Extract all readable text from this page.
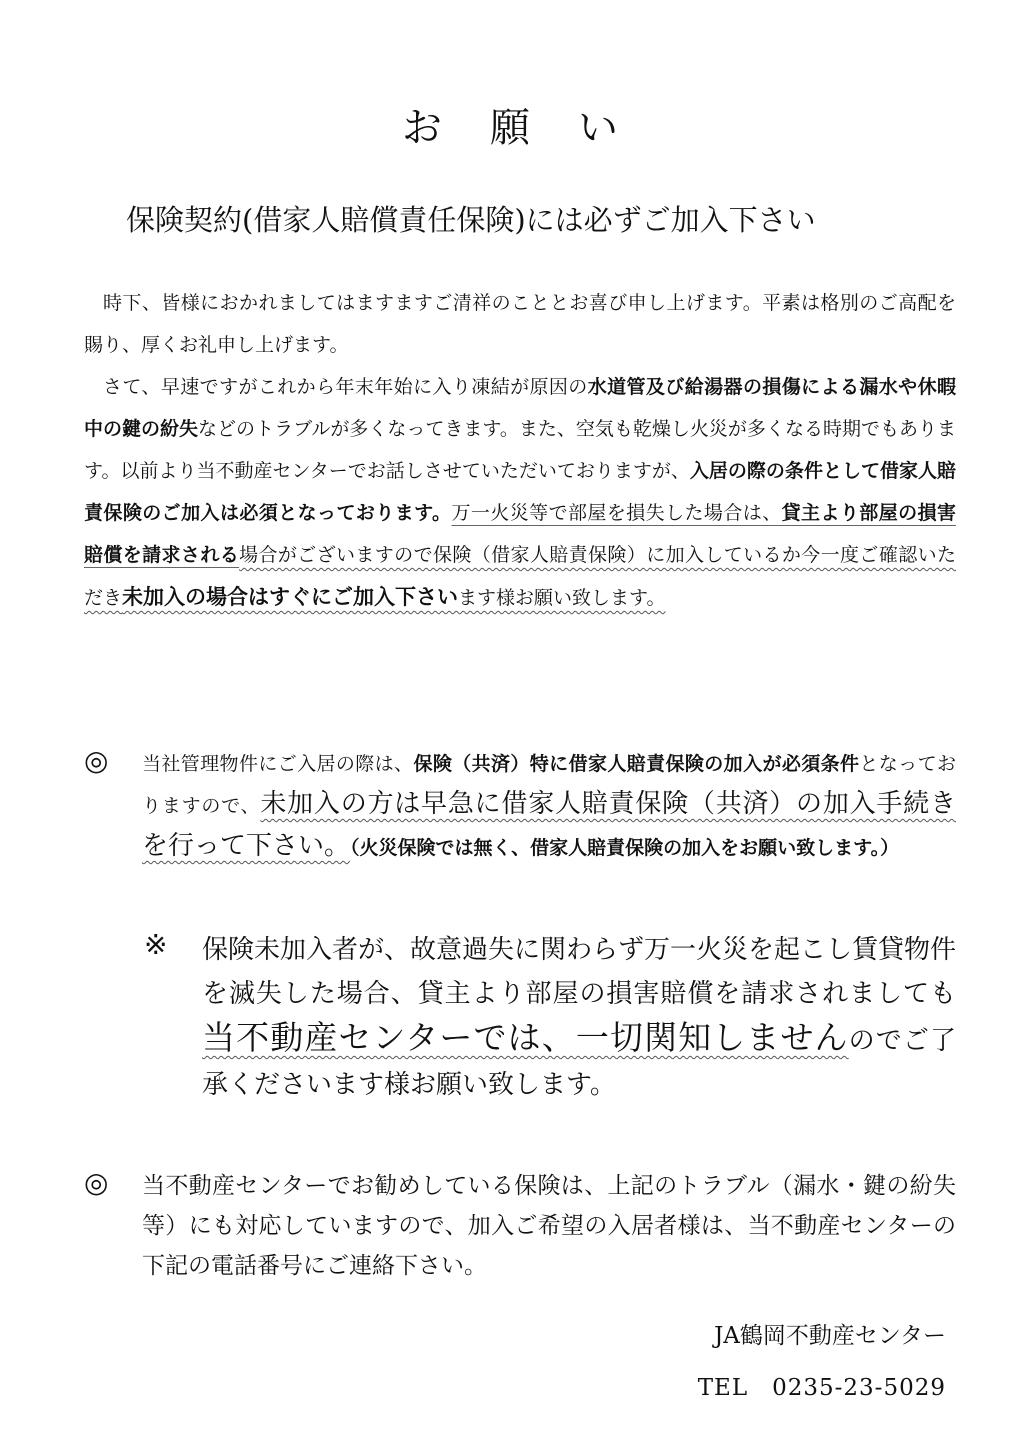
お 願 い
保険契約(借家人賠償責任保険)には必ずご加入下さい

時下、皆様におかれましてはますますご清祥のこととお喜び申し上げます。平素は格別のご高配を賜り、厚くお礼申し上げます。

さて、早速ですがこれから年末年始に入り凍結が原因の水道管及び給湯器の損傷による漏水や休暇中の鍵の紛失などのトラブルが多くなってきます。また、空気も乾燥し火災が多くなる時期でもあります。以前より当不動産センターでお話しさせていただいておりますが、入居の際の条件として借家人賠責保険のご加入は必須となっております。万一火災等で部屋を損失した場合は、貸主より部屋の損害賠償を請求される場合がございますので保険（借家人賠責保険）に加入しているか今一度ご確認いただき未加入の場合はすぐにご加入下さいます様お願い致します。

◎ 当社管理物件にご入居の際は、保険（共済）特に借家人賠責保険の加入が必須条件となっておりますので、未加入の方は早急に借家人賠責保険（共済）の加入手続きを行って下さい。（火災保険では無く、借家人賠責保険の加入をお願い致します。）
※ 保険未加入者が、故意過失に関わらず万一火災を起こし賃貸物件を滅失した場合、貸主より部屋の損害賠償を請求されましても当不動産センターでは、一切関知しませんのでご了承くださいます様お願い致します。
◎ 当不動産センターでお勧めしている保険は、上記のトラブル（漏水・鍵の紛失等）にも対応していますので、加入ご希望の入居者様は、当不動産センターの下記の電話番号にご連絡下さい。
JA鶴岡不動産センター
TEL 0235-23-5029
